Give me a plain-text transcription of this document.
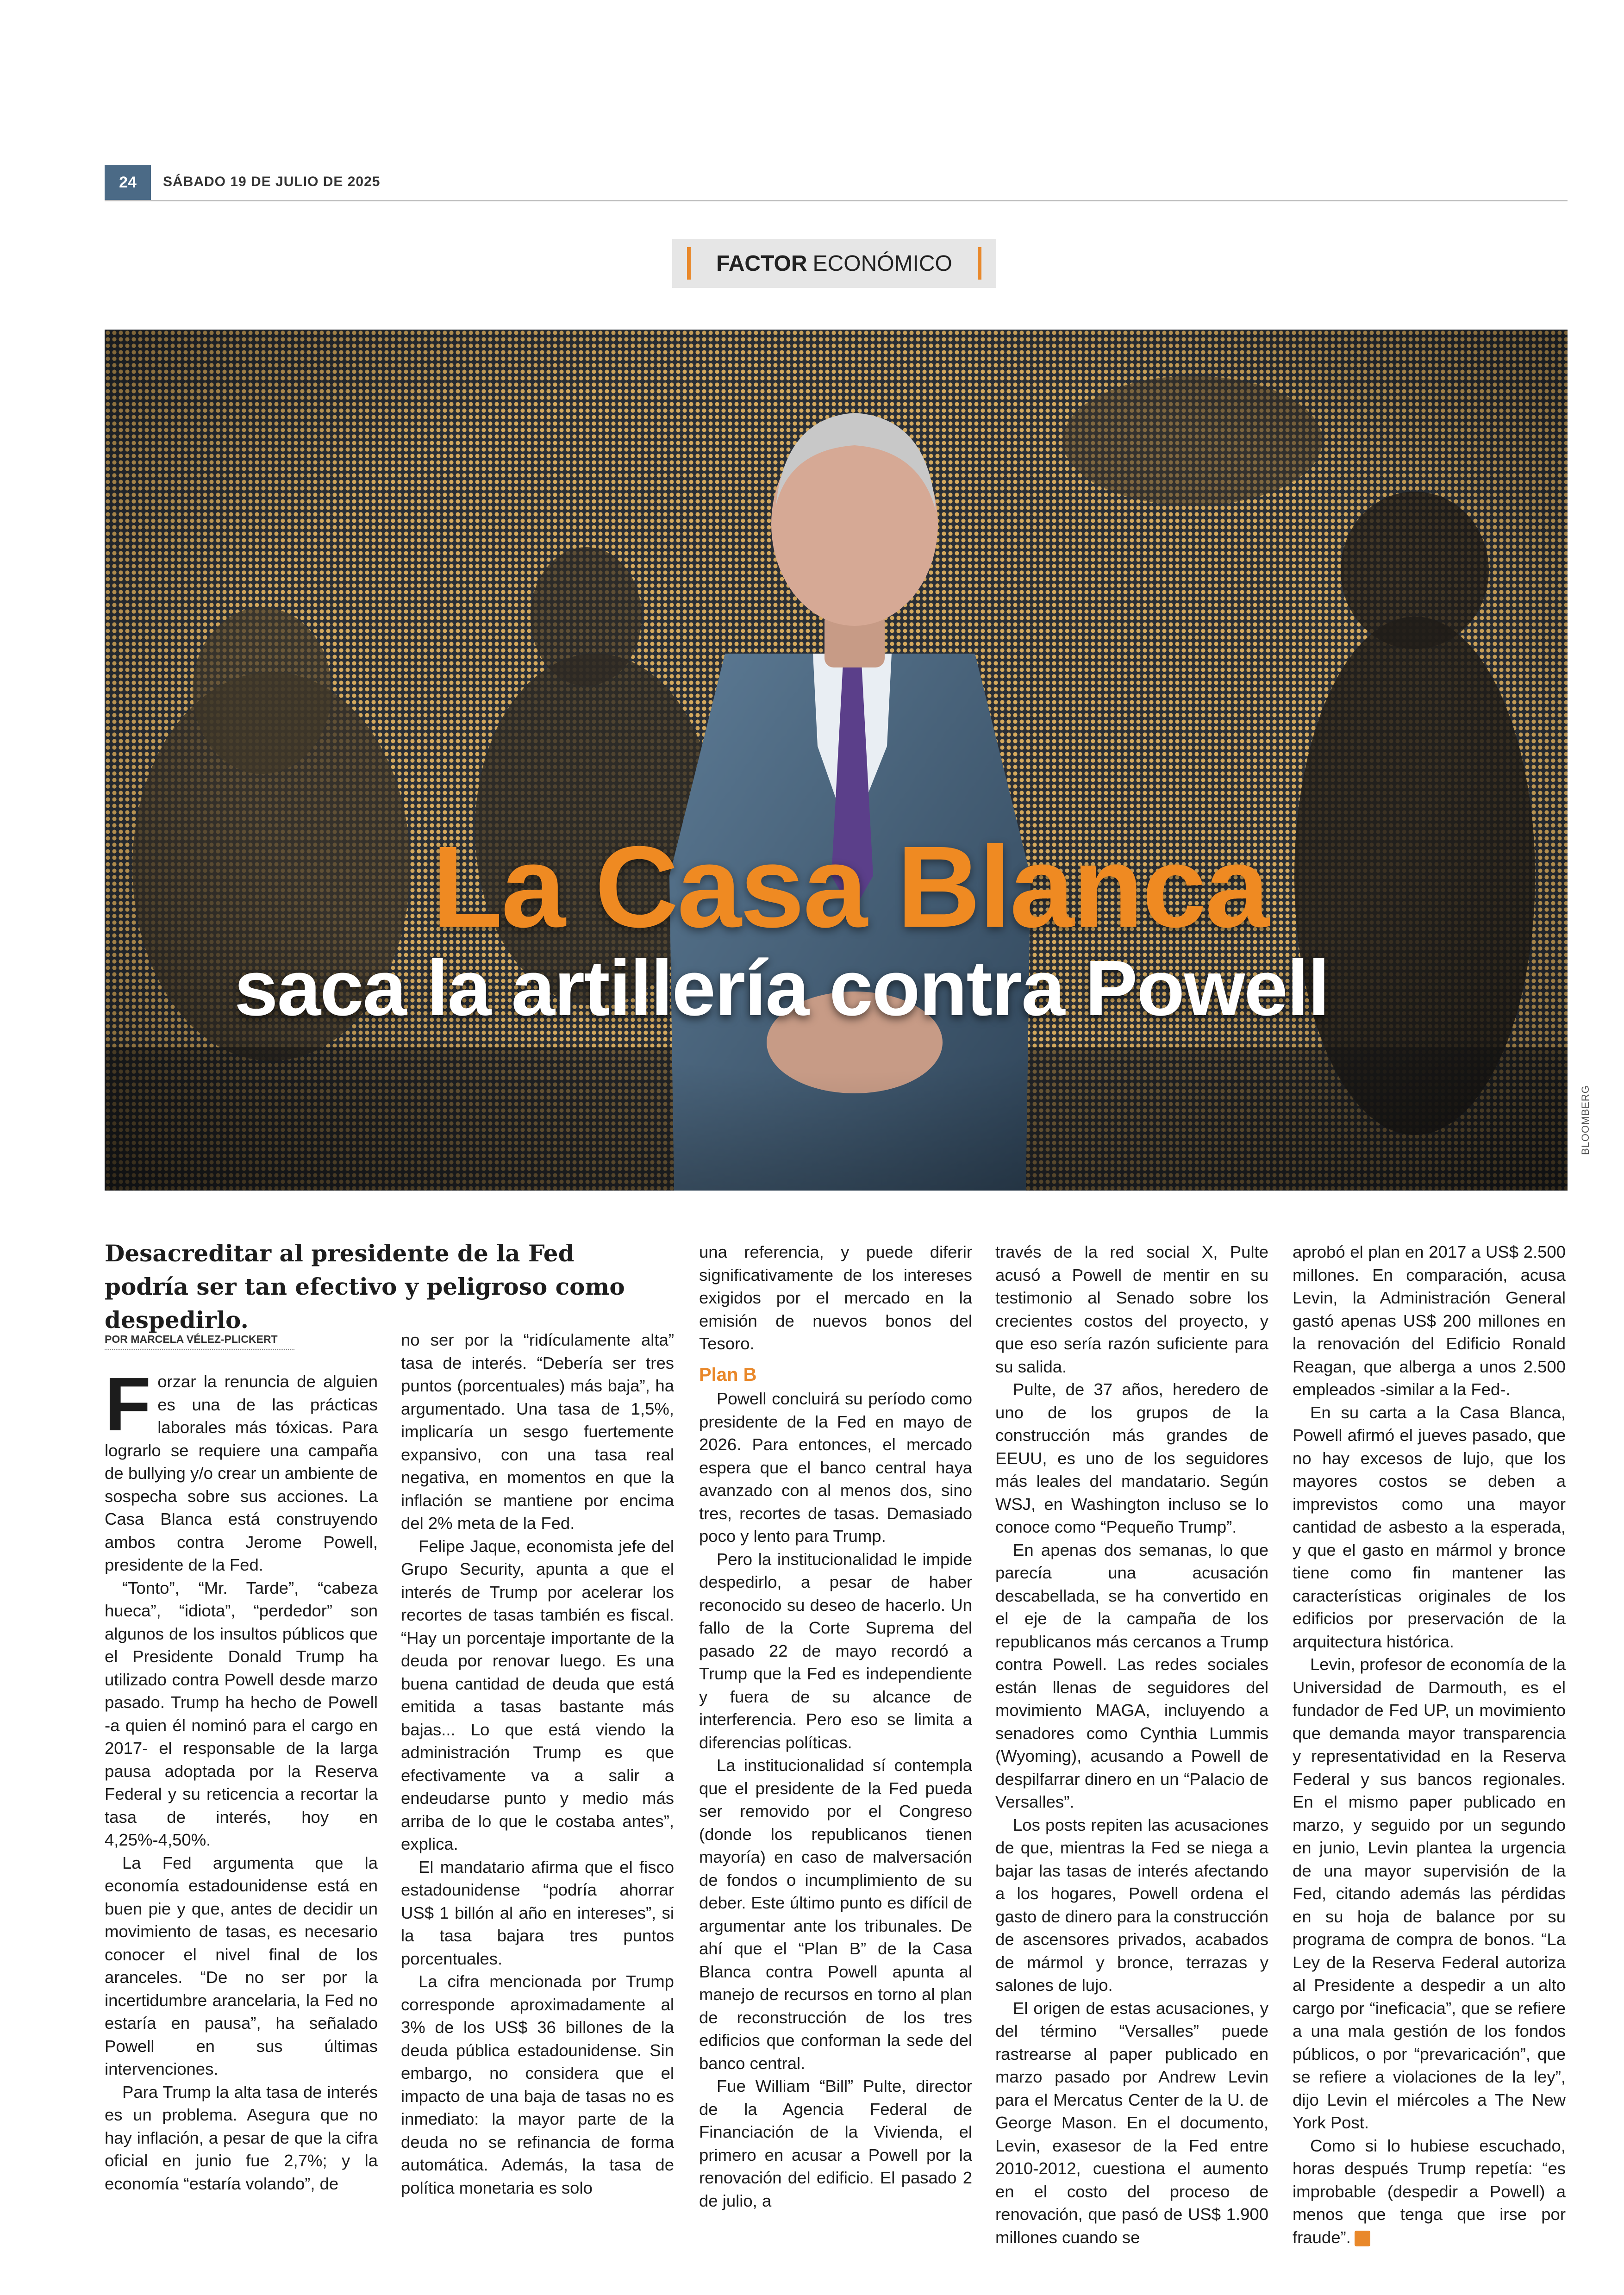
24	SÁBADO 19 DE JULIO DE 2025
FACTOR ECONÓMICO
La Casa Blanca
saca la artillería contra Powell
BLOOMBERG
Desacreditar al presidente de la Fed podría ser tan efectivo y peligroso como despedirlo.
POR MARCELA VÉLEZ-PLICKERT

Forzar la renuncia de alguien es una de las prácticas laborales más tóxicas. Para lograrlo se requiere una campaña de bullying y/o crear un ambiente de sospecha sobre sus acciones. La Casa Blanca está construyendo ambos contra Jerome Powell, presidente de la Fed.

“Tonto”, “Mr. Tarde”, “cabeza hueca”, “idiota”, “perdedor” son algunos de los insultos públicos que el Presidente Donald Trump ha utilizado contra Powell desde marzo pasado. Trump ha hecho de Powell -a quien él nominó para el cargo en 2017- el responsable de la larga pausa adoptada por la Reserva Federal y su reticencia a recortar la tasa de interés, hoy en 4,25%-4,50%.

La Fed argumenta que la economía estadounidense está en buen pie y que, antes de decidir un movimiento de tasas, es necesario conocer el nivel final de los aranceles. “De no ser por la incertidumbre arancelaria, la Fed no estaría en pausa”, ha señalado Powell en sus últimas intervenciones.

Para Trump la alta tasa de interés es un problema. Asegura que no hay inflación, a pesar de que la cifra oficial en junio fue 2,7%; y la economía “estaría volando”, de

no ser por la “ridículamente alta” tasa de interés. “Debería ser tres puntos (porcentuales) más baja”, ha argumentado. Una tasa de 1,5%, implicaría un sesgo fuertemente expansivo, con una tasa real negativa, en momentos en que la inflación se mantiene por encima del 2% meta de la Fed.

Felipe Jaque, economista jefe del Grupo Security, apunta a que el interés de Trump por acelerar los recortes de tasas también es fiscal. “Hay un porcentaje importante de la deuda por renovar luego. Es una buena cantidad de deuda que está emitida a tasas bastante más bajas... Lo que está viendo la administración Trump es que efectivamente va a salir a endeudarse punto y medio más arriba de lo que le costaba antes”, explica.

El mandatario afirma que el fisco estadounidense “podría ahorrar US$ 1 billón al año en intereses”, si la tasa bajara tres puntos porcentuales.

La cifra mencionada por Trump corresponde aproximadamente al 3% de los US$ 36 billones de la deuda pública estadounidense. Sin embargo, no considera que el impacto de una baja de tasas no es inmediato: la mayor parte de la deuda no se refinancia de forma automática. Además, la tasa de política monetaria es solo

una referencia, y puede diferir significativamente de los intereses exigidos por el mercado en la emisión de nuevos bonos del Tesoro.

Plan B

Powell concluirá su período como presidente de la Fed en mayo de 2026. Para entonces, el mercado espera que el banco central haya avanzado con al menos dos, sino tres, recortes de tasas. Demasiado poco y lento para Trump.

Pero la institucionalidad le impide despedirlo, a pesar de haber reconocido su deseo de hacerlo. Un fallo de la Corte Suprema del pasado 22 de mayo recordó a Trump que la Fed es independiente y fuera de su alcance de interferencia. Pero eso se limita a diferencias políticas.

La institucionalidad sí contempla que el presidente de la Fed pueda ser removido por el Congreso (donde los republicanos tienen mayoría) en caso de malversación de fondos o incumplimiento de su deber. Este último punto es difícil de argumentar ante los tribunales. De ahí que el “Plan B” de la Casa Blanca contra Powell apunta al manejo de recursos en torno al plan de reconstrucción de los tres edificios que conforman la sede del banco central.

Fue William “Bill” Pulte, director de la Agencia Federal de Financiación de la Vivienda, el primero en acusar a Powell por la renovación del edificio. El pasado 2 de julio, a

través de la red social X, Pulte acusó a Powell de mentir en su testimonio al Senado sobre los crecientes costos del proyecto, y que eso sería razón suficiente para su salida.

Pulte, de 37 años, heredero de uno de los grupos de la construcción más grandes de EEUU, es uno de los seguidores más leales del mandatario. Según WSJ, en Washington incluso se lo conoce como “Pequeño Trump”.

En apenas dos semanas, lo que parecía una acusación descabellada, se ha convertido en el eje de la campaña de los republicanos más cercanos a Trump contra Powell. Las redes sociales están llenas de seguidores del movimiento MAGA, incluyendo a senadores como Cynthia Lummis (Wyoming), acusando a Powell de despilfarrar dinero en un “Palacio de Versalles”.

Los posts repiten las acusaciones de que, mientras la Fed se niega a bajar las tasas de interés afectando a los hogares, Powell ordena el gasto de dinero para la construcción de ascensores privados, acabados de mármol y bronce, terrazas y salones de lujo.

El origen de estas acusaciones, y del término “Versalles” puede rastrearse al paper publicado en marzo pasado por Andrew Levin para el Mercatus Center de la U. de George Mason. En el documento, Levin, exasesor de la Fed entre 2010-2012, cuestiona el aumento en el costo del proceso de renovación, que pasó de US$ 1.900 millones cuando se

aprobó el plan en 2017 a US$ 2.500 millones. En comparación, acusa Levin, la Administración General gastó apenas US$ 200 millones en la renovación del Edificio Ronald Reagan, que alberga a unos 2.500 empleados -similar a la Fed-.

En su carta a la Casa Blanca, Powell afirmó el jueves pasado, que no hay excesos de lujo, que los mayores costos se deben a imprevistos como una mayor cantidad de asbesto a la esperada, y que el gasto en mármol y bronce tiene como fin mantener las características originales de los edificios por preservación de la arquitectura histórica.

Levin, profesor de economía de la Universidad de Darmouth, es el fundador de Fed UP, un movimiento que demanda mayor transparencia y representatividad en la Reserva Federal y sus bancos regionales. En el mismo paper publicado en marzo, y seguido por un segundo en junio, Levin plantea la urgencia de una mayor supervisión de la Fed, citando además las pérdidas en su hoja de balance por su programa de compra de bonos. “La Ley de la Reserva Federal autoriza al Presidente a despedir a un alto cargo por “ineficacia”, que se refiere a una mala gestión de los fondos públicos, o por “prevaricación”, que se refiere a violaciones de la ley”, dijo Levin el miércoles a The New York Post.

Como si lo hubiese escuchado, horas después Trump repetía: “es improbable (despedir a Powell) a menos que tenga que irse por fraude”.
